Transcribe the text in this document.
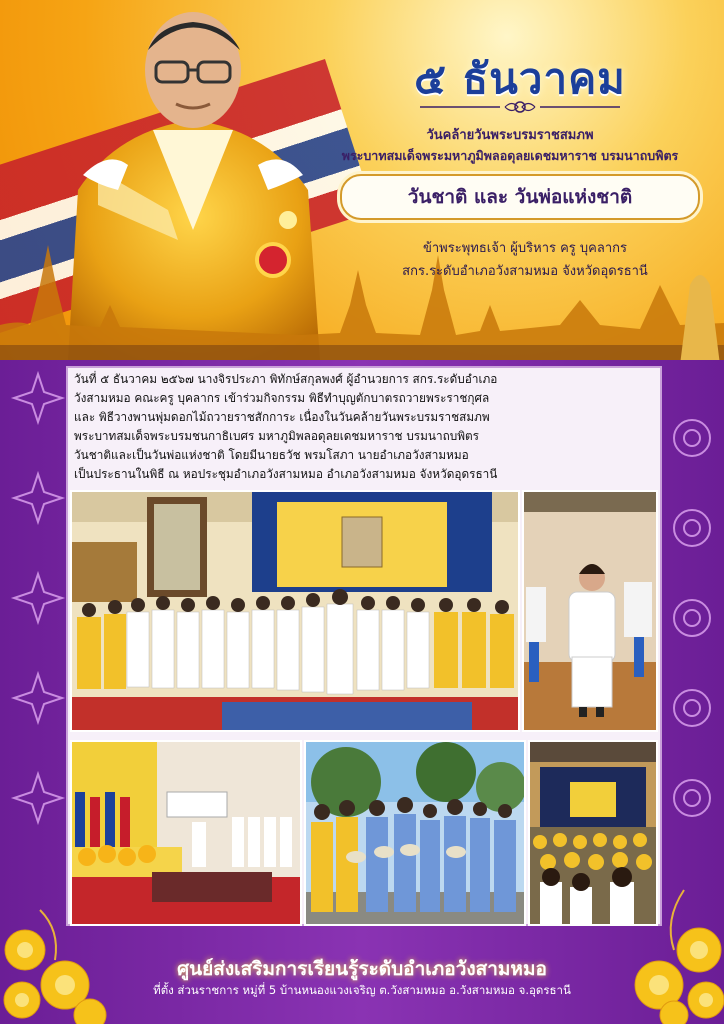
๕ ธันวาคม
วันคล้ายวันพระบรมราชสมภพ
พระบาทสมเด็จพระมหาภูมิพลอดุลยเดชมหาราช บรมนาถบพิตร
วันชาติ และ วันพ่อแห่งชาติ
ข้าพระพุทธเจ้า ผู้บริหาร ครู บุคลากร
สกร.ระดับอำเภอวังสามหมอ จังหวัดอุดรธานี
วันที่ ๕ ธันวาคม ๒๕๖๗ นางจิรประภา พิทักษ์สกุลพงศ์ ผู้อำนวยการ สกร.ระดับอำเภอ
วังสามหมอ คณะครู บุคลากร เข้าร่วมกิจกรรม พิธีทำบุญตักบาตรถวายพระราชกุศล
และ พิธีวางพานพุ่มดอกไม้ถวายราชสักการะ เนื่องในวันคล้ายวันพระบรมราชสมภพ
พระบาทสมเด็จพระบรมชนกาธิเบศร มหาภูมิพลอดุลยเดชมหาราช บรมนาถบพิตร
วันชาติและเป็นวันพ่อแห่งชาติ โดยมีนายธวัช พรมโสภา นายอำเภอวังสามหมอ
เป็นประธานในพิธี ณ หอประชุมอำเภอวังสามหมอ อำเภอวังสามหมอ จังหวัดอุดรธานี
ศูนย์ส่งเสริมการเรียนรู้ระดับอำเภอวังสามหมอ
ที่ตั้ง ส่วนราชการ หมู่ที่ 5 บ้านหนองแวงเจริญ ต.วังสามหมอ อ.วังสามหมอ จ.อุดรธานี
